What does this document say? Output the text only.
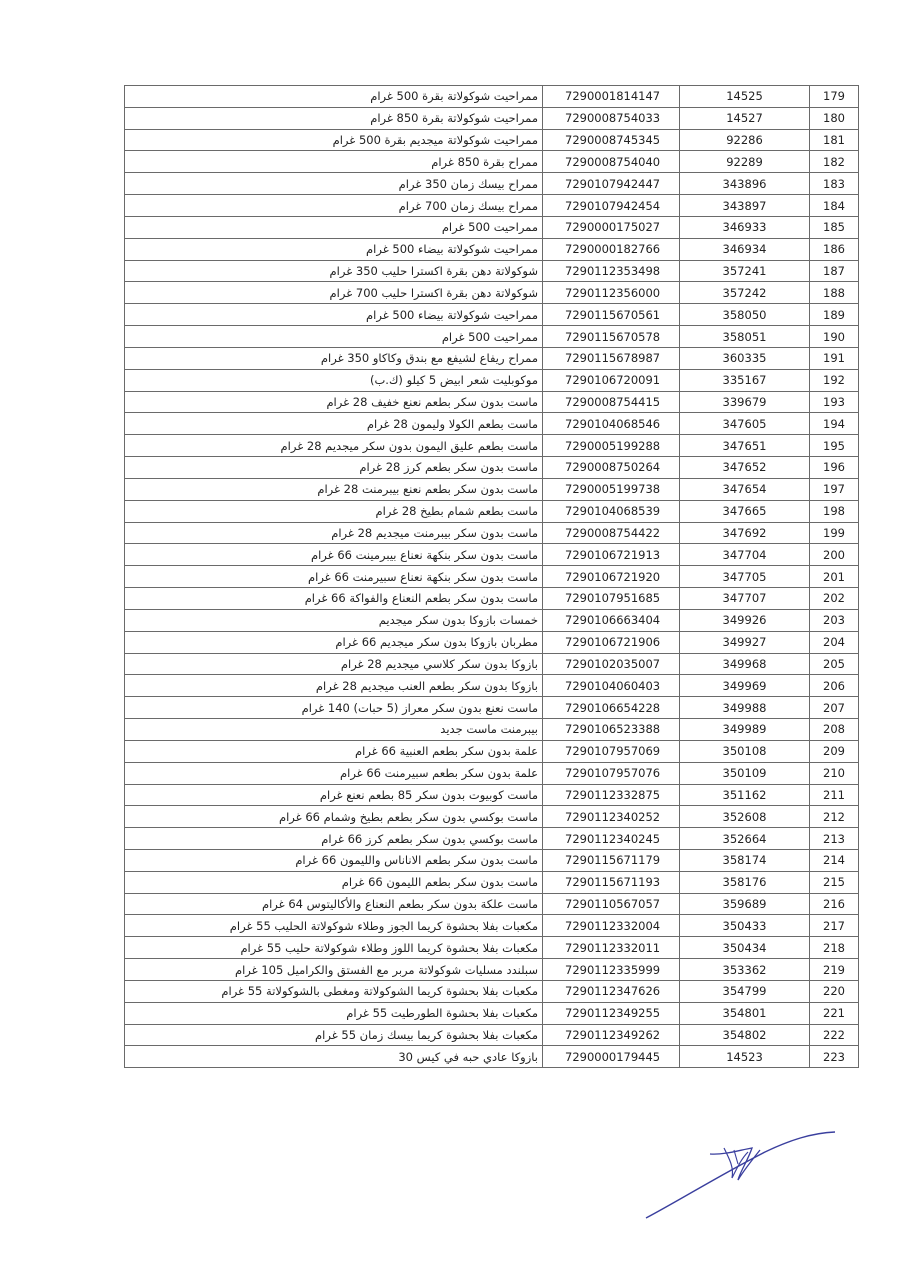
ممراحيت شوكولاتة بقرة 500 غرام	7290001814147	14525	179
ممراحيت شوكولاتة بقرة 850 غرام	7290008754033	14527	180
ممراحيت شوكولاتة ميجديم بقرة 500 غرام	7290008745345	92286	181
ممراح بقرة 850 غرام	7290008754040	92289	182
ممراح بيسك زمان 350 غرام	7290107942447	343896	183
ممراح بيسك زمان 700 غرام	7290107942454	343897	184
ممراحيت 500 غرام	7290000175027	346933	185
ممراحيت شوكولاتة بيضاء 500 غرام	7290000182766	346934	186
شوكولاتة دهن بقرة اكسترا حليب 350 غرام	7290112353498	357241	187
شوكولاتة دهن بقرة اكسترا حليب 700 غرام	7290112356000	357242	188
ممراحيت شوكولاتة بيضاء 500 غرام	7290115670561	358050	189
ممراحيت 500 غرام	7290115670578	358051	190
ممراح ريفاع لشيفع مع بندق وكاكاو 350 غرام	7290115678987	360335	191
موكوبليت شعر ابيض 5 كيلو (ك.ب)	7290106720091	335167	192
ماست بدون سكر بطعم نعنع خفيف 28 غرام	7290008754415	339679	193
ماست بطعم الكولا وليمون 28 غرام	7290104068546	347605	194
ماست بطعم عليق اليمون بدون سكر ميجديم 28 غرام	7290005199288	347651	195
ماست بدون سكر بطعم كرز 28 غرام	7290008750264	347652	196
ماست بدون سكر بطعم نعنع بيبرمنت 28 غرام	7290005199738	347654	197
ماست بطعم شمام بطيخ 28 غرام	7290104068539	347665	198
ماست بدون سكر بيبرمنت ميجديم 28 غرام	7290008754422	347692	199
ماست بدون سكر بنكهة نعناع بيبرمينت 66 غرام	7290106721913	347704	200
ماست بدون سكر بنكهة نعناع سبيرمنت 66 غرام	7290106721920	347705	201
ماست بدون سكر بطعم النعناع والفواكة 66 غرام	7290107951685	347707	202
خمسات بازوكا بدون سكر ميجديم	7290106663404	349926	203
مطربان بازوكا بدون سكر ميجديم 66 غرام	7290106721906	349927	204
بازوكا بدون سكر كلاسي ميجديم 28 غرام	7290102035007	349968	205
بازوكا بدون سكر بطعم العنب ميجديم 28 غرام	7290104060403	349969	206
ماست نعنع بدون سكر معراز (5 حبات) 140 غرام	7290106654228	349988	207
بيبرمنت ماست جديد	7290106523388	349989	208
علمة بدون سكر بطعم العنبية 66 غرام	7290107957069	350108	209
علمة بدون سكر بطعم سبيرمنت 66 غرام	7290107957076	350109	210
ماست كوبيوت بدون سكر 85 بطعم نعنع غرام	7290112332875	351162	211
ماست بوكسي بدون سكر بطعم بطيخ وشمام 66 غرام	7290112340252	352608	212
ماست بوكسي بدون سكر بطعم كرز 66 غرام	7290112340245	352664	213
ماست بدون سكر بطعم الاناناس والليمون 66 غرام	7290115671179	358174	214
ماست بدون سكر بطعم الليمون 66 غرام	7290115671193	358176	215
ماست علكة بدون سكر بطعم النعناع والأكاليتوس 64 غرام	7290110567057	359689	216
مكعبات بفلا بحشوة كريما الجوز وطلاء شوكولاتة الحليب 55 غرام	7290112332004	350433	217
مكعبات بفلا بحشوة كريما اللوز وطلاء شوكولاتة حليب 55 غرام	7290112332011	350434	218
سبلندد مسليات شوكولاتة مربر مع الفستق والكراميل 105 غرام	7290112335999	353362	219
مكعبات بفلا بحشوة كريما الشوكولاتة ومغطى بالشوكولاتة 55 غرام	7290112347626	354799	220
مكعبات بفلا بحشوة الطورطيت 55 غرام	7290112349255	354801	221
مكعبات بفلا بحشوة كريما بيسك زمان 55 غرام	7290112349262	354802	222
بازوكا عادي حبه في كيس 30	7290000179445	14523	223
